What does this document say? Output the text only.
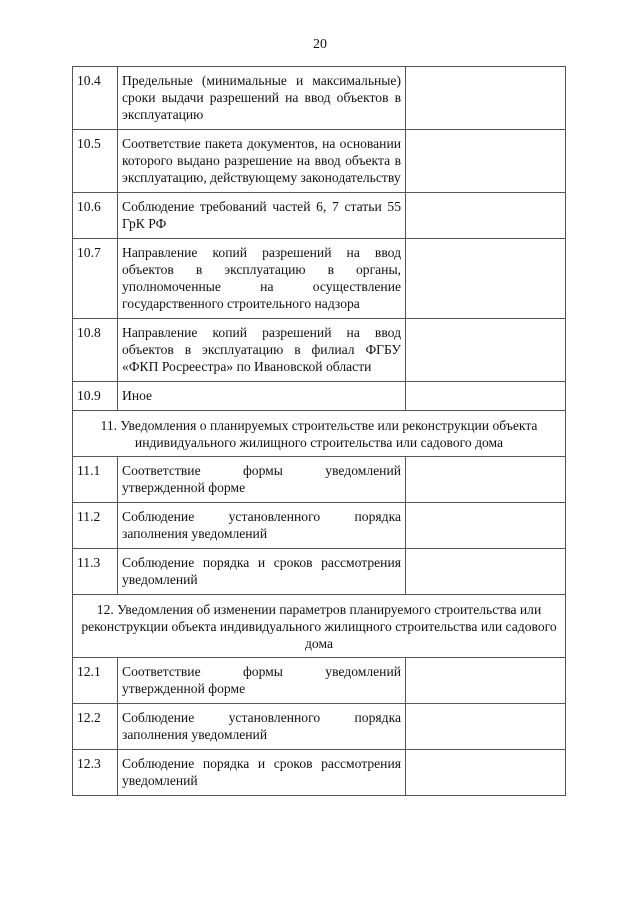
20
10.4	Предельные (минимальные и максимальные) сроки выдачи разрешений на ввод объектов в эксплуатацию	
10.5	Соответствие пакета документов, на основании которого выдано разрешение на ввод объекта в эксплуатацию, действующему законодательству	
10.6	Соблюдение требований частей 6, 7 статьи 55 ГрК РФ	
10.7	Направление копий разрешений на ввод объектов в эксплуатацию в органы, уполномоченные на осуществление государственного строительного надзора	
10.8	Направление копий разрешений на ввод объектов в эксплуатацию в филиал ФГБУ «ФКП Росреестра» по Ивановской области	
10.9	Иное	
11. Уведомления о планируемых строительстве или реконструкции объекта индивидуального жилищного строительства или садового дома		
11.1	Соответствие формы уведомлений утвержденной форме	
11.2	Соблюдение установленного порядка заполнения уведомлений	
11.3	Соблюдение порядка и сроков рассмотрения уведомлений	
12. Уведомления об изменении параметров планируемого строительства или реконструкции объекта индивидуального жилищного строительства или садового дома		
12.1	Соответствие формы уведомлений утвержденной форме	
12.2	Соблюдение установленного порядка заполнения уведомлений	
12.3	Соблюдение порядка и сроков рассмотрения уведомлений	
